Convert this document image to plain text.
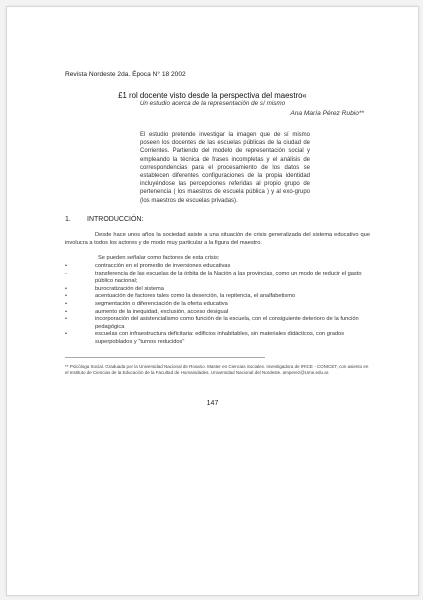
Revista Nordeste 2da. Época N° 18 2002
£1 rol docente visto desde la perspectiva del maestro«
Un estudio acerca de la representación de sí mismo
Ana María Pérez Rubio**
El estudio pretende investigar la imagen que de sí mismo poseen los docentes de las escuelas públicas de la ciudad de Corrientes. Partiendo del modelo de representación social y empleando la técnica de frases incompletas y el análisis de correspondencias para el procesamiento de los datos se establecen diferentes configuraciones de la propia identidad incluyéndose las percepciones referidas al propio grupo de pertenencia ( los maestros de escuela pública ) y al exo-grupo (los maestros de escuelas privadas).
1. INTRODUCCIÓN:
Desde hace unos años la sociedad asiste a una situación de crisis generalizada del sistema educativo que involucra a todos los actores y de modo muy particular a la figura del maestro.
Se pueden señalar como factores de esta crisis:
•	contracción en el promedio de inversiones educativas
-	transferencia de las escuelas de la órbita de la Nación a las provincias, como un modo de reducir el gasto público nacional;
•	burocratización del sistema
•	acentuación de factores tales como la deserción, la repitencia, el analfabetismo
•	segmentación o diferenciación de la oferta educativa
•	aumento de la inequidad, exclusión, acceso desigual
•	incorporación del asistencialismo como función de la escuela, con el consiguiente deterioro de la función pedagógica
•	escuelas con infraestructura deficitaria: edificios inhabitables, sin materiales didácticos, con grados superpoblados y "turnos reducidos"
** Psicóloga Social. Graduada por la Universidad Nacional de Rosario. Master en Ciencias Sociales. Investigadora de IRICE - CONICET, con asiento en el Instituto de Ciencias de la Educación de la Facultad de Humanidades, Universidad Nacional del Nordeste. amperez@Ume.edu.ar.
147
